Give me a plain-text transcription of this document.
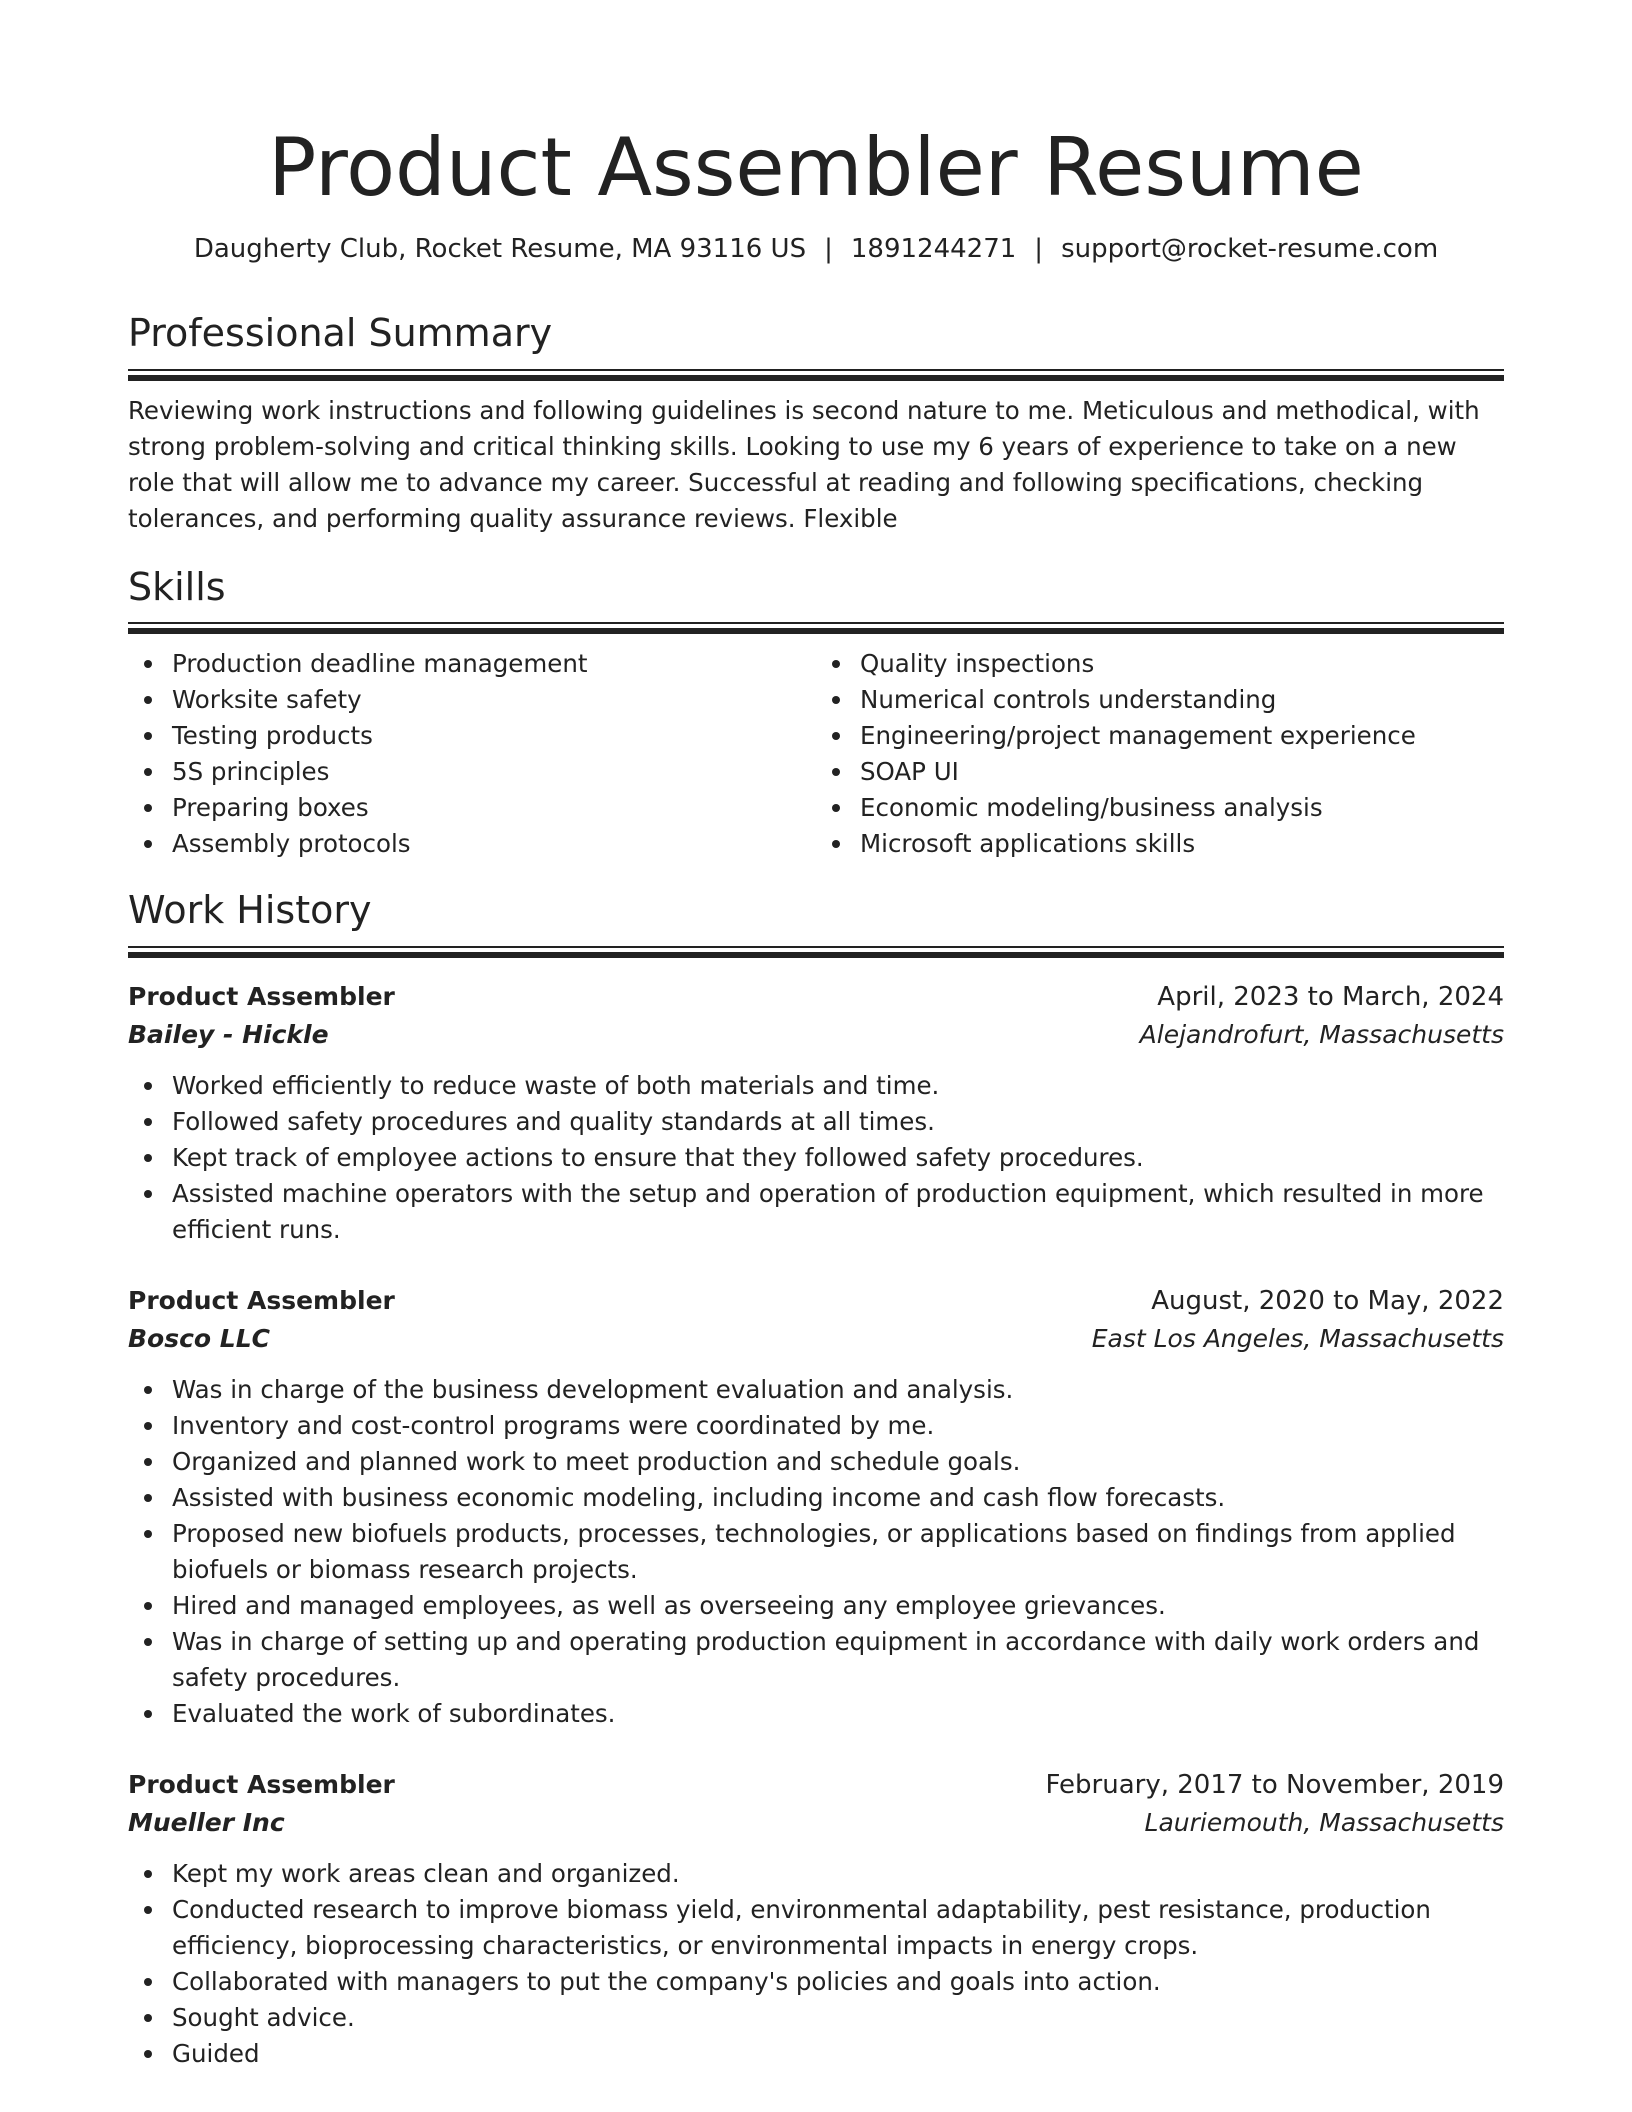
Product Assembler Resume
Daugherty Club, Rocket Resume, MA 93116 US | 1891244271 | support@rocket-resume.com
Professional Summary

Reviewing work instructions and following guidelines is second nature to me. Meticulous and methodical, with strong problem-solving and critical thinking skills. Looking to use my 6 years of experience to take on a new role that will allow me to advance my career. Successful at reading and following specifications, checking tolerances, and performing quality assurance reviews. Flexible

Skills
Production deadline management
Worksite safety
Testing products
5S principles
Preparing boxes
Assembly protocols
Quality inspections
Numerical controls understanding
Engineering/project management experience
SOAP UI
Economic modeling/business analysis
Microsoft applications skills
Work History
Product Assembler	April, 2023 to March, 2024
Bailey - Hickle	Alejandrofurt, Massachusetts
Worked efficiently to reduce waste of both materials and time.
Followed safety procedures and quality standards at all times.
Kept track of employee actions to ensure that they followed safety procedures.
Assisted machine operators with the setup and operation of production equipment, which resulted in more efficient runs.
Product Assembler	August, 2020 to May, 2022
Bosco LLC	East Los Angeles, Massachusetts
Was in charge of the business development evaluation and analysis.
Inventory and cost-control programs were coordinated by me.
Organized and planned work to meet production and schedule goals.
Assisted with business economic modeling, including income and cash flow forecasts.
Proposed new biofuels products, processes, technologies, or applications based on findings from applied biofuels or biomass research projects.
Hired and managed employees, as well as overseeing any employee grievances.
Was in charge of setting up and operating production equipment in accordance with daily work orders and safety procedures.
Evaluated the work of subordinates.
Product Assembler	February, 2017 to November, 2019
Mueller Inc	Lauriemouth, Massachusetts
Kept my work areas clean and organized.
Conducted research to improve biomass yield, environmental adaptability, pest resistance, production efficiency, bioprocessing characteristics, or environmental impacts in energy crops.
Collaborated with managers to put the company's policies and goals into action.
Sought advice.
Guided
